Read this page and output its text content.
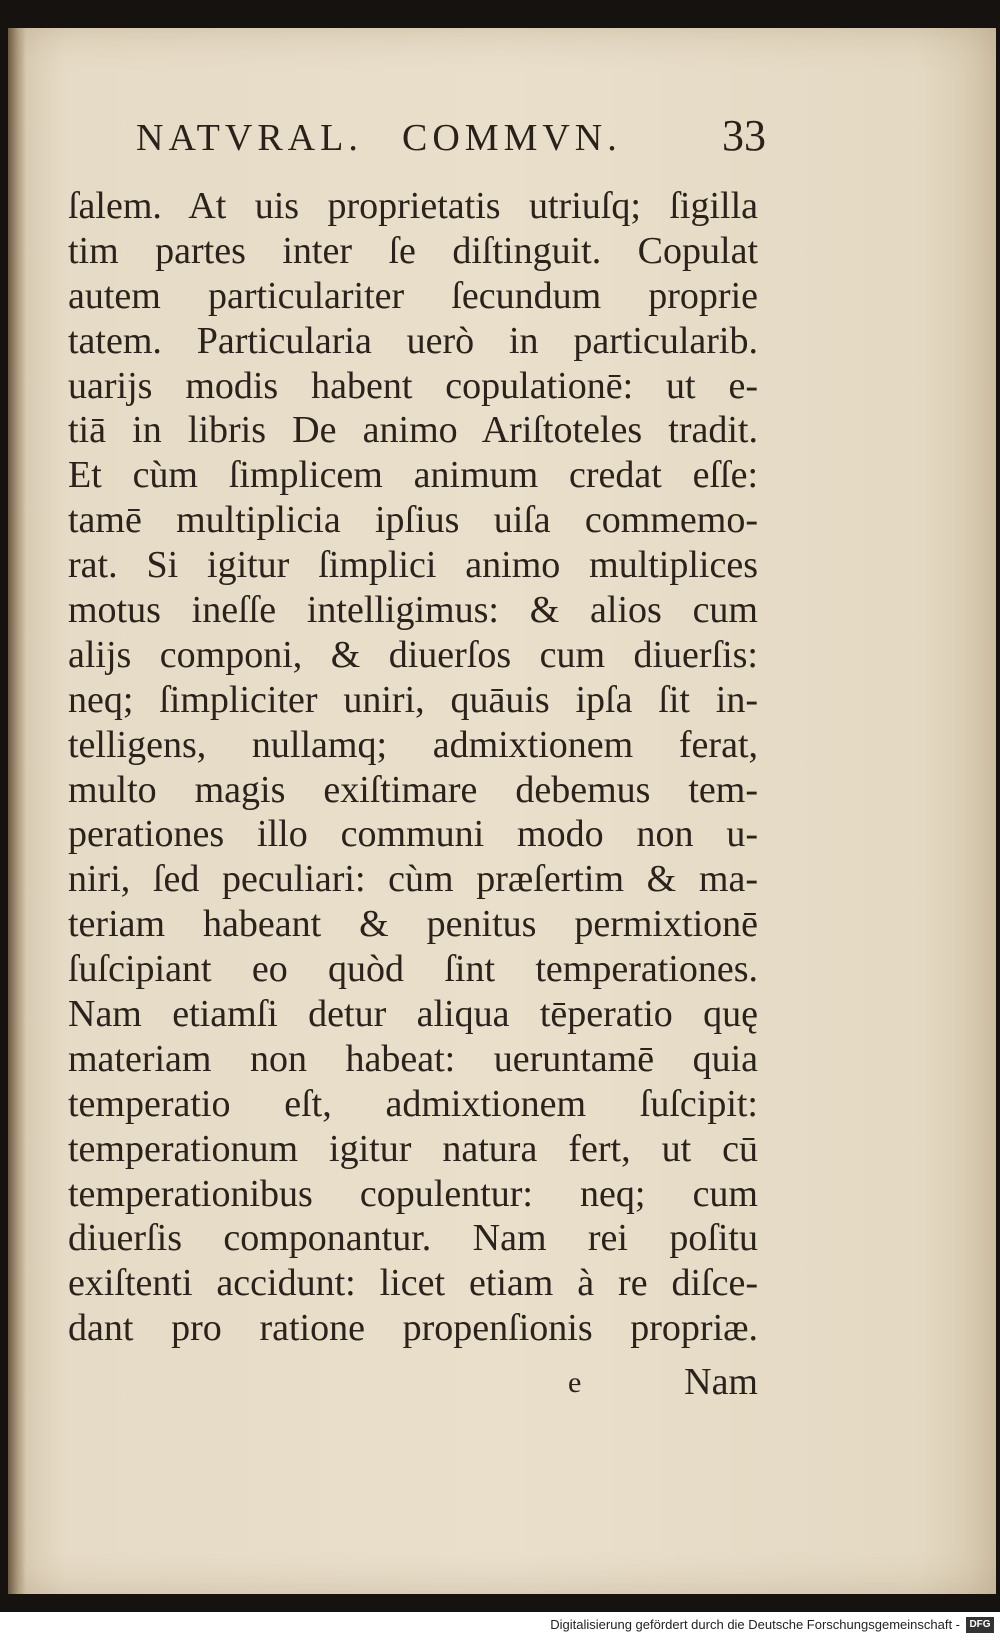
NATVRAL. COMMVN. 33
ſalem. At uis proprietatis utriuſq; ſigilla
tim partes inter ſe diſtinguit. Copulat
autem particulariter ſecundum proprie
tatem. Particularia uerò in particularib.
uarijs modis habent copulationē: ut e-
tiā in libris De animo Ariſtoteles tradit.
Et cùm ſimplicem animum credat eſſe:
tamē multiplicia ipſius uiſa commemo-
rat. Si igitur ſimplici animo multiplices
motus ineſſe intelligimus: & alios cum
alijs componi, & diuerſos cum diuerſis:
neq; ſimpliciter uniri, quāuis ipſa ſit in-
telligens, nullamq; admixtionem ferat,
multo magis exiſtimare debemus tem-
perationes illo communi modo non u-
niri, ſed peculiari: cùm præſertim & ma-
teriam habeant & penitus permixtionē
ſuſcipiant eo quòd ſint temperationes.
Nam etiamſi detur aliqua tēperatio quę
materiam non habeat: ueruntamē quia
temperatio eſt, admixtionem ſuſcipit:
temperationum igitur natura fert, ut cū
temperationibus copulentur: neq; cum
diuerſis componantur. Nam rei poſitu
exiſtenti accidunt: licet etiam à re diſce-
dant pro ratione propenſionis propriæ.
e	Nam
Digitalisierung gefördert durch die Deutsche Forschungsgemeinschaft - DFG
